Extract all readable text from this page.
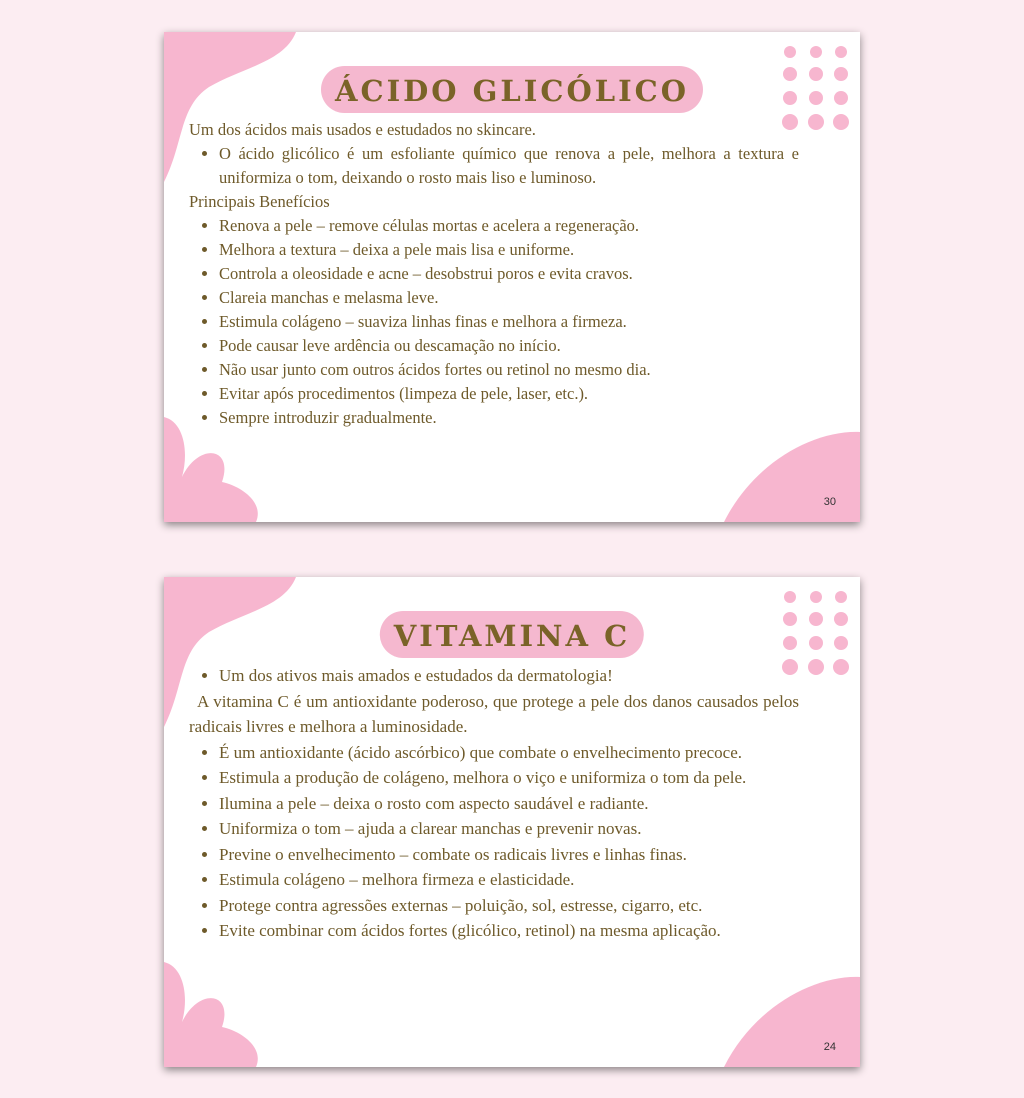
ÁCIDO GLICÓLICO

Um dos ácidos mais usados e estudados no skincare.

• O ácido glicólico é um esfoliante químico que renova a pele, melhora a textura e uniformiza o tom, deixando o rosto mais liso e luminoso.

Principais Benefícios

• Renova a pele – remove células mortas e acelera a regeneração.
• Melhora a textura – deixa a pele mais lisa e uniforme.
• Controla a oleosidade e acne – desobstrui poros e evita cravos.
• Clareia manchas e melasma leve.
• Estimula colágeno – suaviza linhas finas e melhora a firmeza.
• Pode causar leve ardência ou descamação no início.
• Não usar junto com outros ácidos fortes ou retinol no mesmo dia.
• Evitar após procedimentos (limpeza de pele, laser, etc.).
• Sempre introduzir gradualmente.
30
VITAMINA C
• Um dos ativos mais amados e estudados da dermatologia!

A vitamina C é um antioxidante poderoso, que protege a pele dos danos causados pelos radicais livres e melhora a luminosidade.

• É um antioxidante (ácido ascórbico) que combate o envelhecimento precoce.
• Estimula a produção de colágeno, melhora o viço e uniformiza o tom da pele.
• Ilumina a pele – deixa o rosto com aspecto saudável e radiante.
• Uniformiza o tom – ajuda a clarear manchas e prevenir novas.
• Previne o envelhecimento – combate os radicais livres e linhas finas.
• Estimula colágeno – melhora firmeza e elasticidade.
• Protege contra agressões externas – poluição, sol, estresse, cigarro, etc.
• Evite combinar com ácidos fortes (glicólico, retinol) na mesma aplicação.
24
